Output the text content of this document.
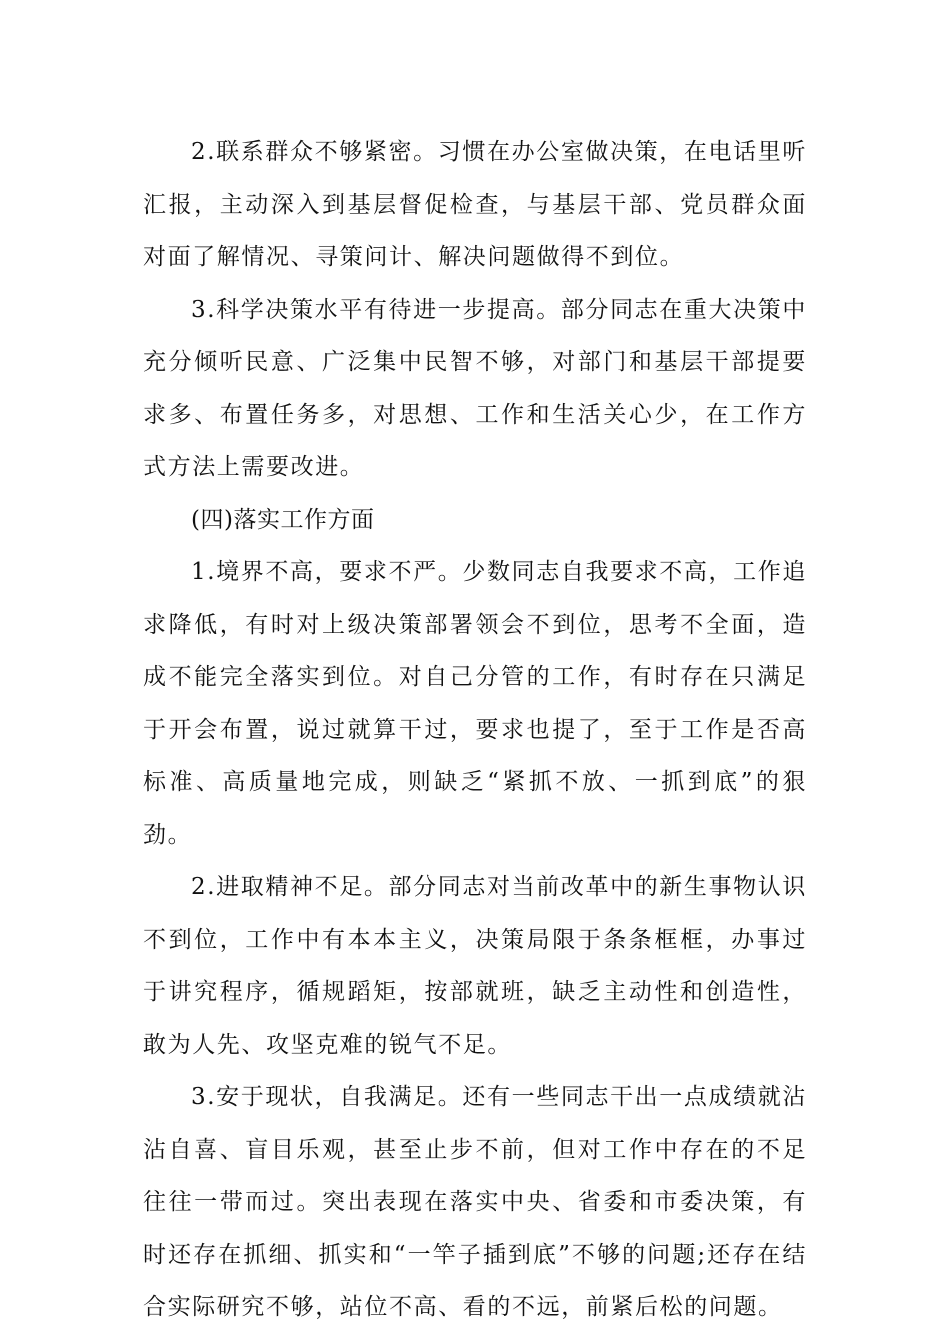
2.联系群众不够紧密。习惯在办公室做决策，在电话里听汇报，主动深入到基层督促检查，与基层干部、党员群众面对面了解情况、寻策问计、解决问题做得不到位。

3.科学决策水平有待进一步提高。部分同志在重大决策中充分倾听民意、广泛集中民智不够，对部门和基层干部提要求多、布置任务多，对思想、工作和生活关心少，在工作方式方法上需要改进。

(四)落实工作方面

1.境界不高，要求不严。少数同志自我要求不高，工作追求降低，有时对上级决策部署领会不到位，思考不全面，造成不能完全落实到位。对自己分管的工作，有时存在只满足于开会布置，说过就算干过，要求也提了，至于工作是否高标准、高质量地完成，则缺乏“紧抓不放、一抓到底”的狠劲。

2.进取精神不足。部分同志对当前改革中的新生事物认识不到位，工作中有本本主义，决策局限于条条框框，办事过于讲究程序，循规蹈矩，按部就班，缺乏主动性和创造性，敢为人先、攻坚克难的锐气不足。

3.安于现状，自我满足。还有一些同志干出一点成绩就沾沾自喜、盲目乐观，甚至止步不前，但对工作中存在的不足往往一带而过。突出表现在落实中央、省委和市委决策，有时还存在抓细、抓实和“一竿子插到底”不够的问题;还存在结合实际研究不够，站位不高、看的不远，前紧后松的问题。
